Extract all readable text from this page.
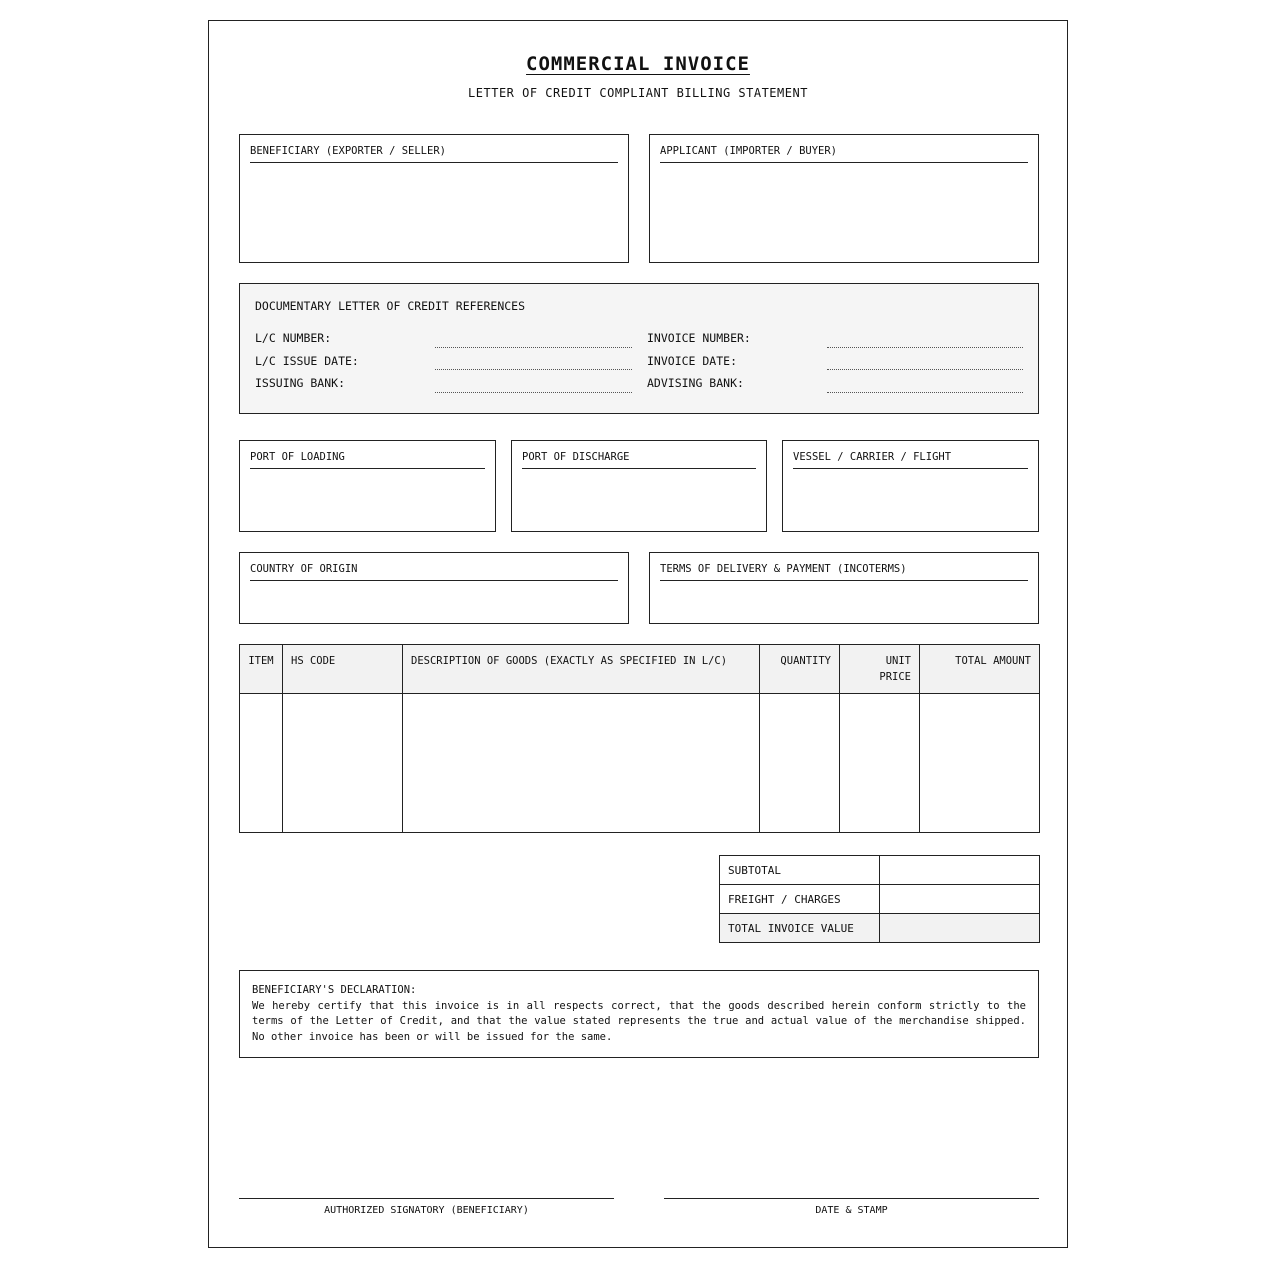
COMMERCIAL INVOICE
LETTER OF CREDIT COMPLIANT BILLING STATEMENT
BENEFICIARY (EXPORTER / SELLER)	APPLICANT (IMPORTER / BUYER)
DOCUMENTARY LETTER OF CREDIT REFERENCES
L/C NUMBER:
L/C ISSUE DATE:
ISSUING BANK:
INVOICE NUMBER:
INVOICE DATE:
ADVISING BANK:
PORT OF LOADING	PORT OF DISCHARGE	VESSEL / CARRIER / FLIGHT
COUNTRY OF ORIGIN	TERMS OF DELIVERY & PAYMENT (INCOTERMS)
ITEM	HS CODE	DESCRIPTION OF GOODS (EXACTLY AS SPECIFIED IN L/C)	QUANTITY	UNIT PRICE	TOTAL AMOUNT

SUBTOTAL	
FREIGHT / CHARGES	
TOTAL INVOICE VALUE	
BENEFICIARY'S DECLARATION:
We hereby certify that this invoice is in all respects correct, that the goods described herein conform strictly to the terms of the Letter of Credit, and that the value stated represents the true and actual value of the merchandise shipped. No other invoice has been or will be issued for the same.
AUTHORIZED SIGNATORY (BENEFICIARY)	DATE & STAMP
